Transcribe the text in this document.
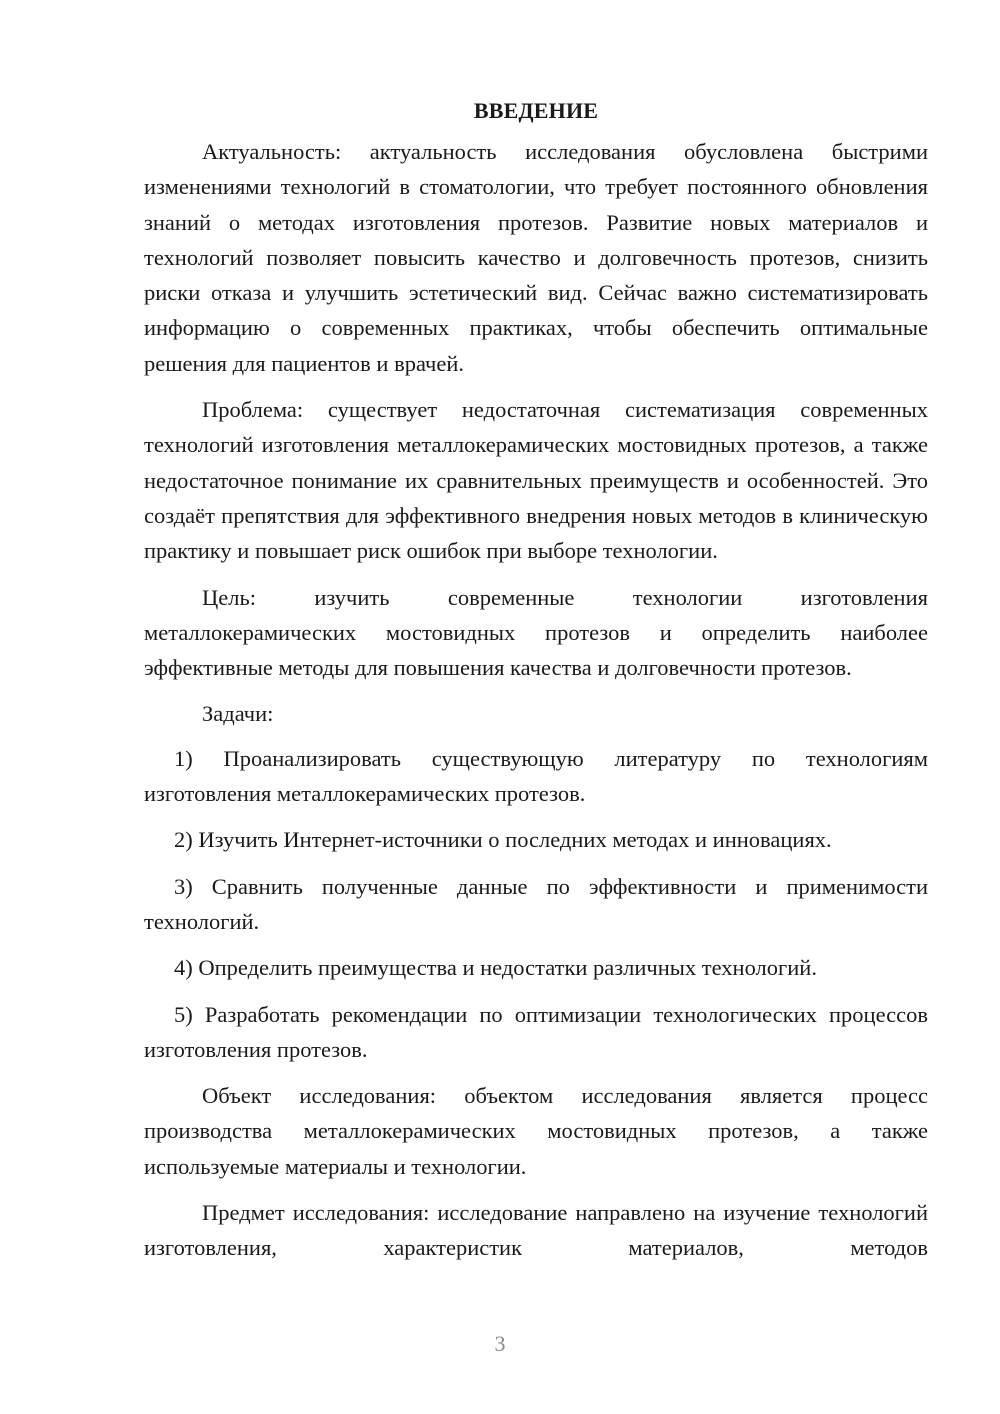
ВВЕДЕНИЕ

Актуальность: актуальность исследования обусловлена быстрими изменениями технологий в стоматологии, что требует постоянного обновления знаний о методах изготовления протезов. Развитие новых материалов и технологий позволяет повысить качество и долговечность протезов, снизить риски отказа и улучшить эстетический вид. Сейчас важно систематизировать информацию о современных практиках, чтобы обеспечить оптимальные решения для пациентов и врачей.

Проблема: существует недостаточная систематизация современных технологий изготовления металлокерамических мостовидных протезов, а также недостаточное понимание их сравнительных преимуществ и особенностей. Это создаёт препятствия для эффективного внедрения новых методов в клиническую практику и повышает риск ошибок при выборе технологии.

Цель: изучить современные технологии изготовления металлокерамических мостовидных протезов и определить наиболее эффективные методы для повышения качества и долговечности протезов.

Задачи:

1) Проанализировать существующую литературу по технологиям изготовления металлокерамических протезов.

2) Изучить Интернет-источники о последних методах и инновациях.

3) Сравнить полученные данные по эффективности и применимости технологий.

4) Определить преимущества и недостатки различных технологий.

5) Разработать рекомендации по оптимизации технологических процессов изготовления протезов.

Объект исследования: объектом исследования является процесс производства металлокерамических мостовидных протезов, а также используемые материалы и технологии.

Предмет исследования: исследование направлено на изучение технологий изготовления, характеристик материалов, методов

3
